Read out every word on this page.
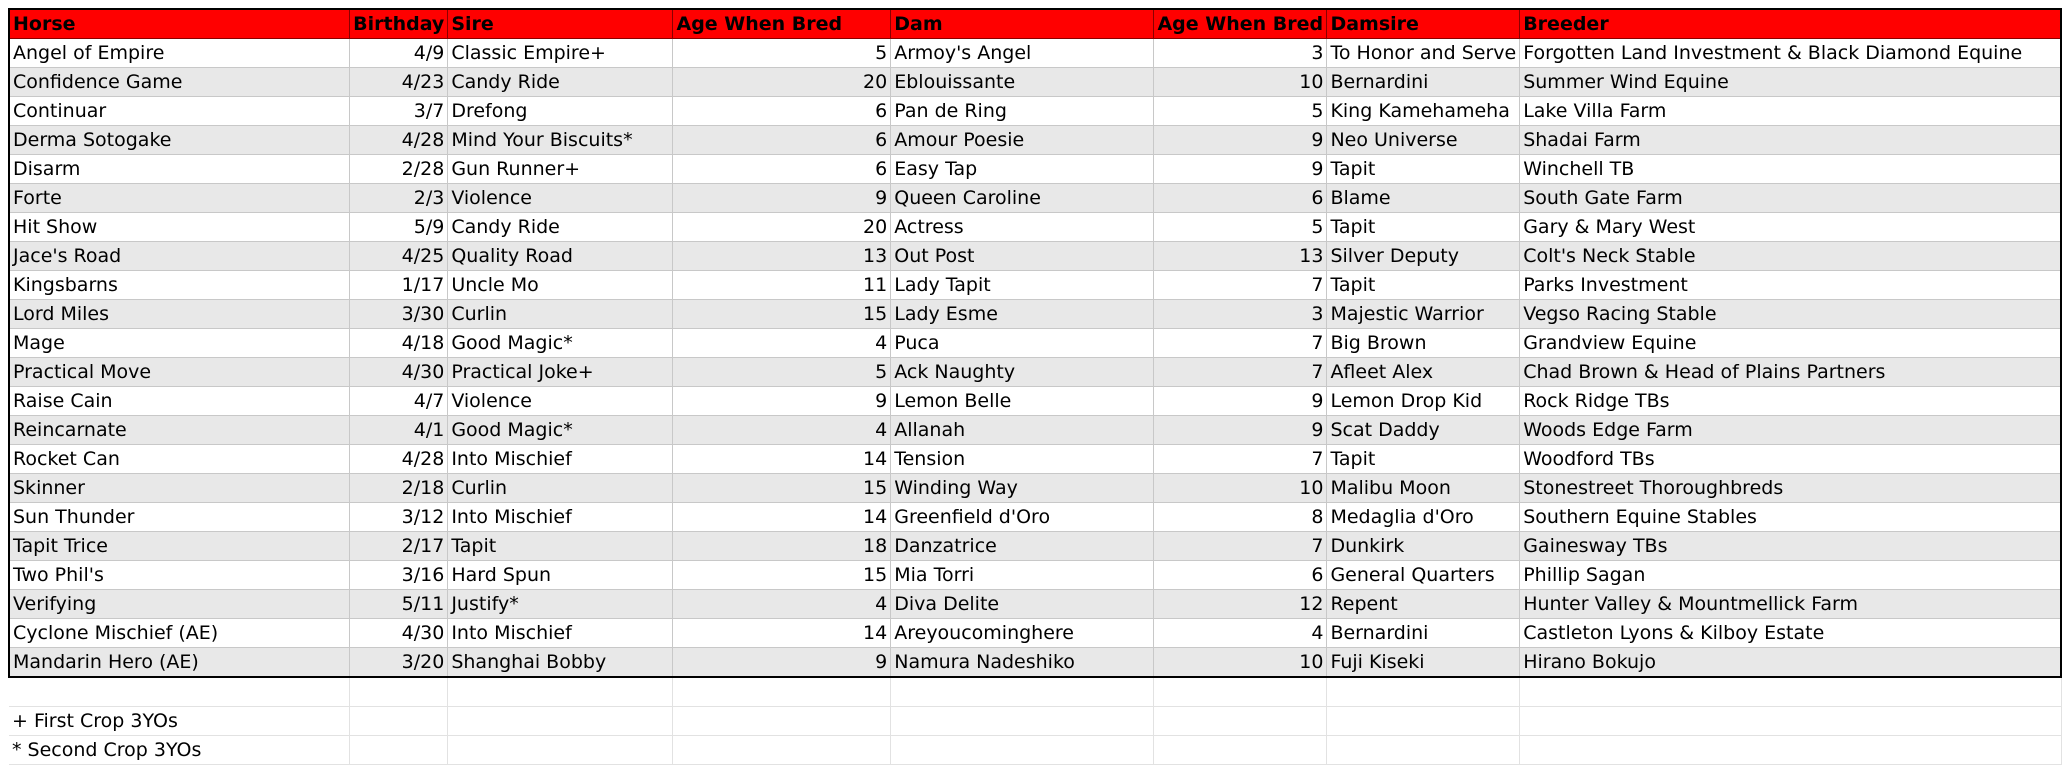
Horse	Birthday	Sire	Age When Bred	Dam	Age When Bred	Damsire	Breeder
Angel of Empire	4/9	Classic Empire+	5	Armoy's Angel	3	To Honor and Serve	Forgotten Land Investment & Black Diamond Equine
Confidence Game	4/23	Candy Ride	20	Eblouissante	10	Bernardini	Summer Wind Equine
Continuar	3/7	Drefong	6	Pan de Ring	5	King Kamehameha	Lake Villa Farm
Derma Sotogake	4/28	Mind Your Biscuits*	6	Amour Poesie	9	Neo Universe	Shadai Farm
Disarm	2/28	Gun Runner+	6	Easy Tap	9	Tapit	Winchell TB
Forte	2/3	Violence	9	Queen Caroline	6	Blame	South Gate Farm
Hit Show	5/9	Candy Ride	20	Actress	5	Tapit	Gary & Mary West
Jace's Road	4/25	Quality Road	13	Out Post	13	Silver Deputy	Colt's Neck Stable
Kingsbarns	1/17	Uncle Mo	11	Lady Tapit	7	Tapit	Parks Investment
Lord Miles	3/30	Curlin	15	Lady Esme	3	Majestic Warrior	Vegso Racing Stable
Mage	4/18	Good Magic*	4	Puca	7	Big Brown	Grandview Equine
Practical Move	4/30	Practical Joke+	5	Ack Naughty	7	Afleet Alex	Chad Brown & Head of Plains Partners
Raise Cain	4/7	Violence	9	Lemon Belle	9	Lemon Drop Kid	Rock Ridge TBs
Reincarnate	4/1	Good Magic*	4	Allanah	9	Scat Daddy	Woods Edge Farm
Rocket Can	4/28	Into Mischief	14	Tension	7	Tapit	Woodford TBs
Skinner	2/18	Curlin	15	Winding Way	10	Malibu Moon	Stonestreet Thoroughbreds
Sun Thunder	3/12	Into Mischief	14	Greenfield d'Oro	8	Medaglia d'Oro	Southern Equine Stables
Tapit Trice	2/17	Tapit	18	Danzatrice	7	Dunkirk	Gainesway TBs
Two Phil's	3/16	Hard Spun	15	Mia Torri	6	General Quarters	Phillip Sagan
Verifying	5/11	Justify*	4	Diva Delite	12	Repent	Hunter Valley & Mountmellick Farm
Cyclone Mischief (AE)	4/30	Into Mischief	14	Areyoucominghere	4	Bernardini	Castleton Lyons & Kilboy Estate
Mandarin Hero (AE)	3/20	Shanghai Bobby	9	Namura Nadeshiko	10	Fuji Kiseki	Hirano Bokujo

+ First Crop 3YOs							
* Second Crop 3YOs							
